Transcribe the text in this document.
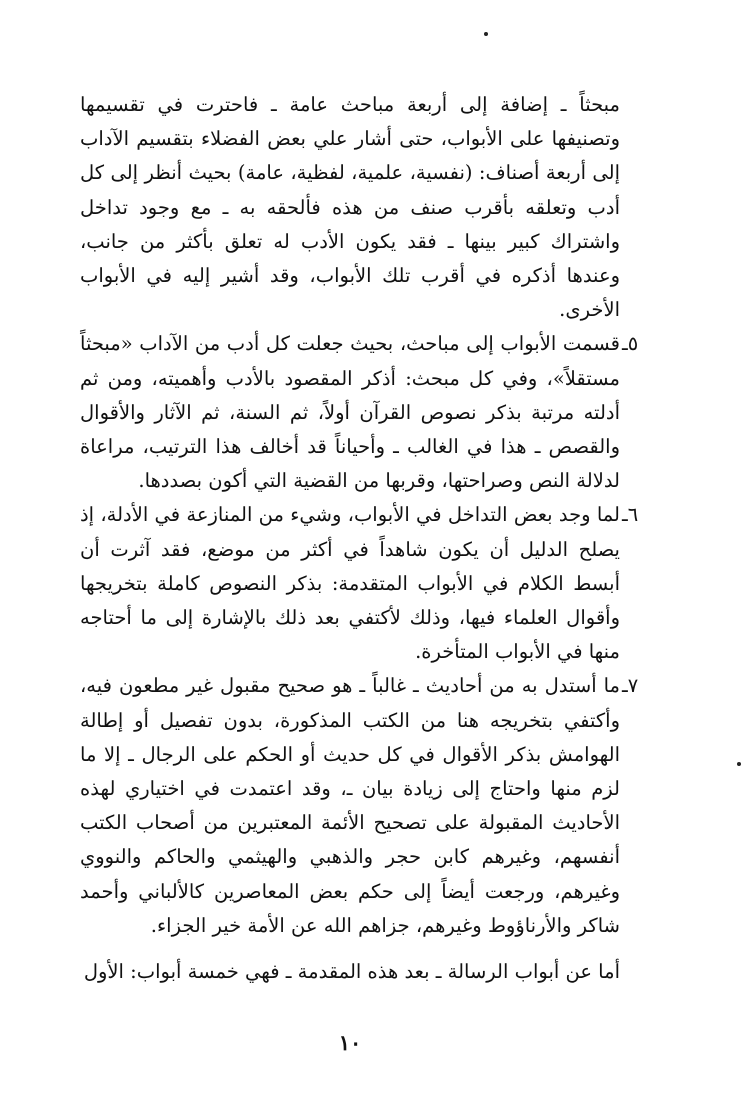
مبحثاً ـ إضافة إلى أربعة مباحث عامة ـ فاحترت في تقسيمها وتصنيفها على الأبواب، حتى أشار علي بعض الفضلاء بتقسيم الآداب إلى أربعة أصناف: (نفسية، علمية، لفظية، عامة) بحيث أنظر إلى كل أدب وتعلقه بأقرب صنف من هذه فألحقه به ـ مع وجود تداخل واشتراك كبير بينها ـ فقد يكون الأدب له تعلق بأكثر من جانب، وعندها أذكره في أقرب تلك الأبواب، وقد أشير إليه في الأبواب الأخرى.

٥ـ

قسمت الأبواب إلى مباحث، بحيث جعلت كل أدب من الآداب «مبحثاً مستقلاً»، وفي كل مبحث: أذكر المقصود بالأدب وأهميته، ومن ثم أدلته مرتبة بذكر نصوص القرآن أولاً، ثم السنة، ثم الآثار والأقوال والقصص ـ هذا في الغالب ـ وأحياناً قد أخالف هذا الترتيب، مراعاة لدلالة النص وصراحتها، وقربها من القضية التي أكون بصددها.

٦ـ

لما وجد بعض التداخل في الأبواب، وشيء من المنازعة في الأدلة، إذ يصلح الدليل أن يكون شاهداً في أكثر من موضع، فقد آثرت أن أبسط الكلام في الأبواب المتقدمة: بذكر النصوص كاملة بتخريجها وأقوال العلماء فيها، وذلك لأكتفي بعد ذلك بالإشارة إلى ما أحتاجه منها في الأبواب المتأخرة.

٧ـ

ما أستدل به من أحاديث ـ غالباً ـ هو صحيح مقبول غير مطعون فيه، وأكتفي بتخريجه هنا من الكتب المذكورة، بدون تفصيل أو إطالة الهوامش بذكر الأقوال في كل حديث أو الحكم على الرجال ـ إلا ما لزم منها واحتاج إلى زيادة بيان ـ، وقد اعتمدت في اختياري لهذه الأحاديث المقبولة على تصحيح الأئمة المعتبرين من أصحاب الكتب أنفسهم، وغيرهم كابن حجر والذهبي والهيثمي والحاكم والنووي وغيرهم، ورجعت أيضاً إلى حكم بعض المعاصرين كالألباني وأحمد شاكر والأرناؤوط وغيرهم، جزاهم الله عن الأمة خير الجزاء.

أما عن أبواب الرسالة ـ بعد هذه المقدمة ـ فهي خمسة أبواب: الأول

١٠
